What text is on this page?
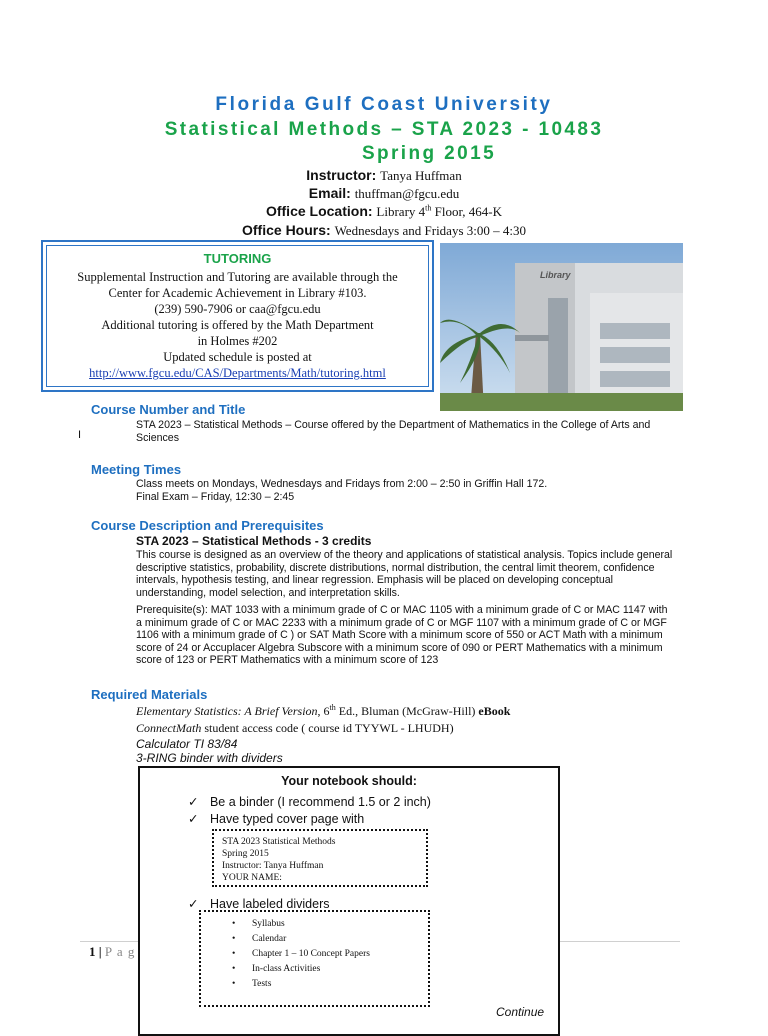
Florida Gulf Coast University
Statistical Methods – STA 2023 - 10483
Spring 2015
Instructor: Tanya Huffman
Email: thuffman@fgcu.edu
Office Location: Library 4th Floor, 464-K
Office Hours: Wednesdays and Fridays 3:00 – 4:30
TUTORING
Supplemental Instruction and Tutoring are available through the
Center for Academic Achievement in Library #103.
(239) 590-7906 or caa@fgcu.edu
Additional tutoring is offered by the Math Department
in Holmes #202
Updated schedule is posted at
http://www.fgcu.edu/CAS/Departments/Math/tutoring.html
Library
Course Number and Title
STA 2023 – Statistical Methods – Course offered by the Department of Mathematics in the College of Arts and Sciences
I
Meeting Times
Class meets on Mondays, Wednesdays and Fridays from 2:00 – 2:50 in Griffin Hall 172.
Final Exam – Friday, 12:30 – 2:45
Course Description and Prerequisites
STA 2023 – Statistical Methods - 3 credits
This course is designed as an overview of the theory and applications of statistical analysis. Topics include general descriptive statistics, probability, discrete distributions, normal distribution, the central limit theorem, confidence intervals, hypothesis testing, and linear regression. Emphasis will be placed on developing conceptual understanding, model selection, and interpretation skills.
Prerequisite(s): MAT 1033 with a minimum grade of C or MAC 1105 with a minimum grade of C or MAC 1147 with a minimum grade of C or MAC 2233 with a minimum grade of C or MGF 1107 with a minimum grade of C or MGF 1106 with a minimum grade of C ) or SAT Math Score with a minimum score of 550 or ACT Math with a minimum score of 24 or Accuplacer Algebra Subscore with a minimum score of 090 or PERT Mathematics with a minimum score of 123 or PERT Mathematics with a minimum score of 123
Required Materials
Elementary Statistics: A Brief Version, 6th Ed., Bluman (McGraw-Hill) eBook
ConnectMath student access code ( course id TYYWL - LHUDH)
Calculator TI 83/84
3-RING binder with dividers
1 | P a g
Your notebook should:
✓ Be a binder (I recommend 1.5 or 2 inch)
✓ Have typed cover page with
STA 2023 Statistical Methods
Spring 2015
Instructor: Tanya Huffman
YOUR NAME:
✓ Have labeled dividers
• Syllabus
• Calendar
• Chapter 1 – 10 Concept Papers
• In-class Activities
• Tests
Continue
